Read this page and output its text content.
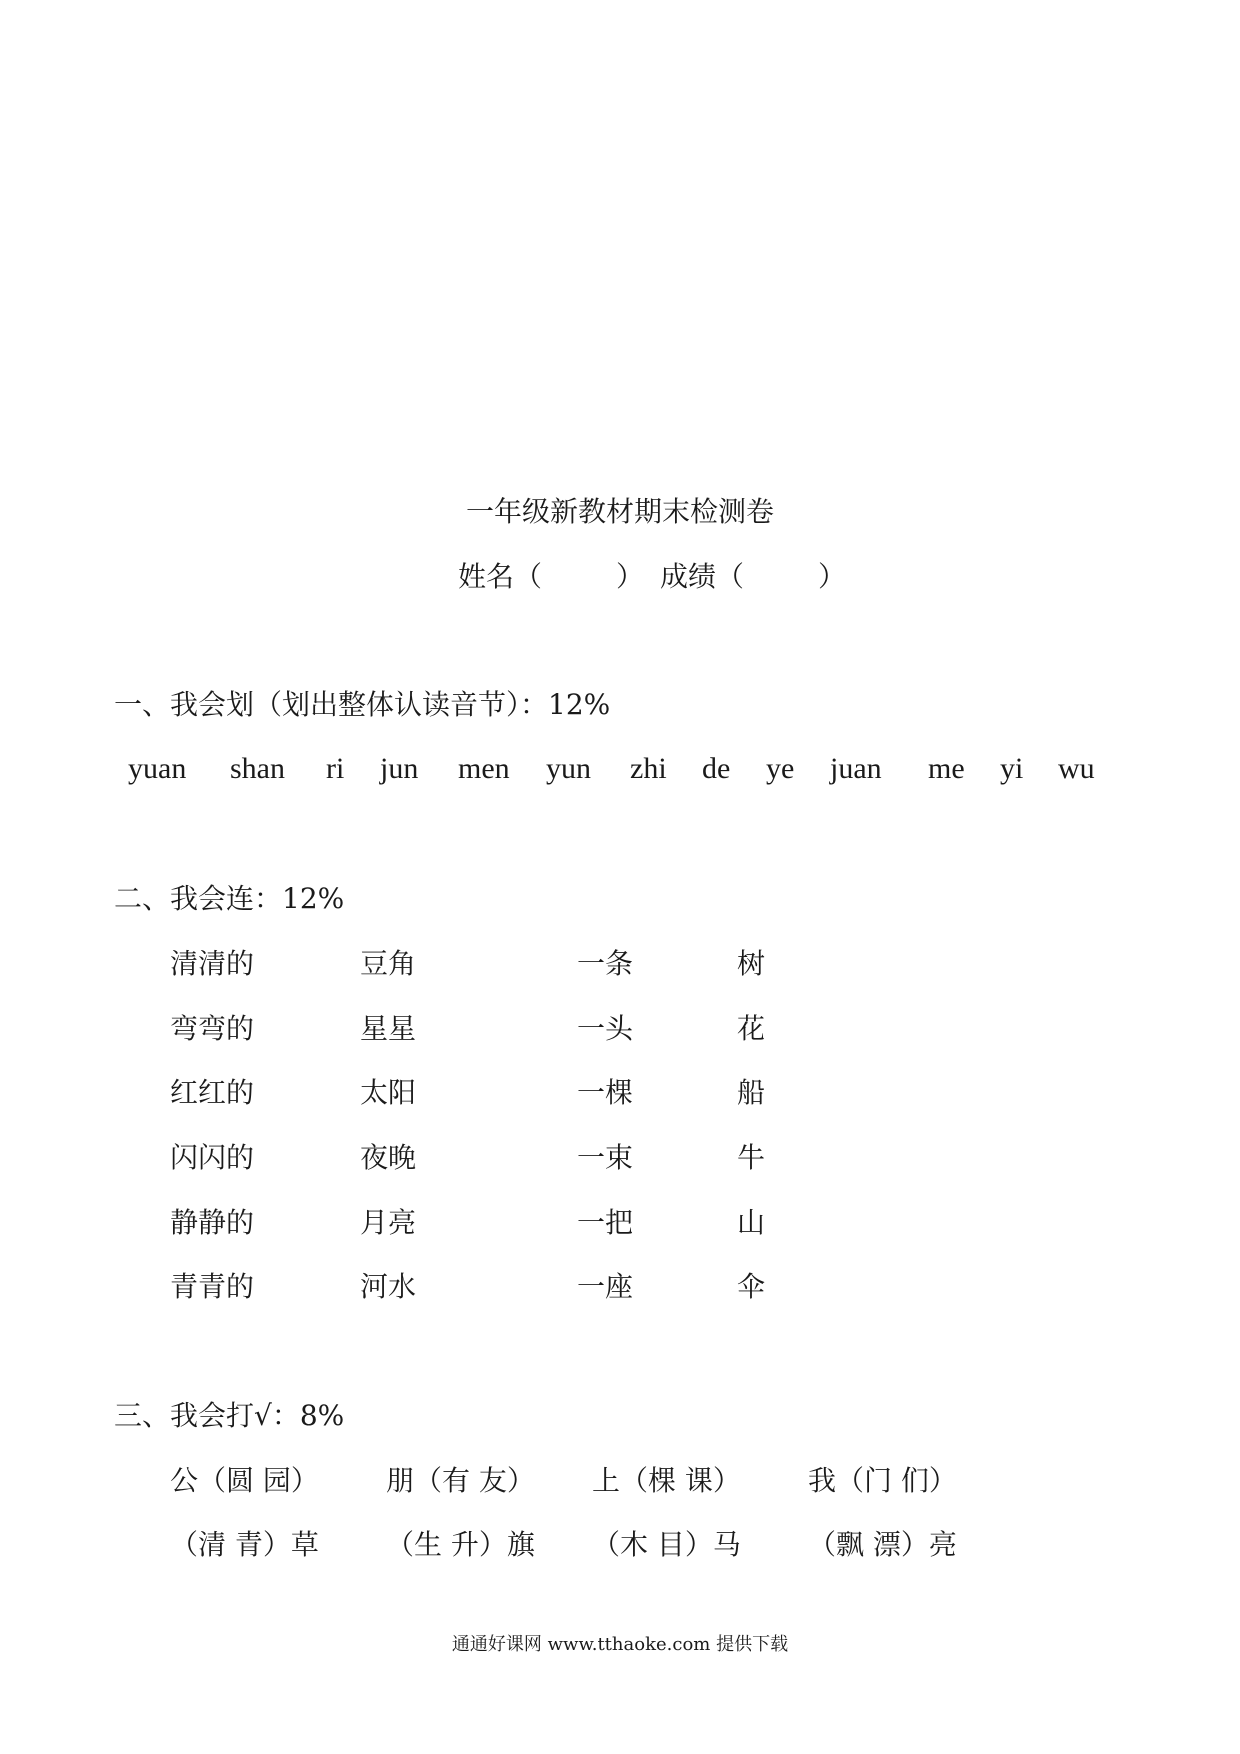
一年级新教材期末检测卷
姓名（	） 成绩（	）
一、我会划（划出整体认读音节）：12%
yuan shan ri jun men yun zhi de ye juan me yi wu
二、我会连：12%
清清的	豆角	一条	树
弯弯的	星星	一头	花
红红的	太阳	一棵	船
闪闪的	夜晚	一束	牛
静静的	月亮	一把	山
青青的	河水	一座	伞
三、我会打√：8%
公（圆 园） 朋（有 友） 上（棵 课） 我（门 们）
（清 青）草 （生 升）旗 （木 目）马 （飘 漂）亮
通通好课网 www.tthaoke.com 提供下载
